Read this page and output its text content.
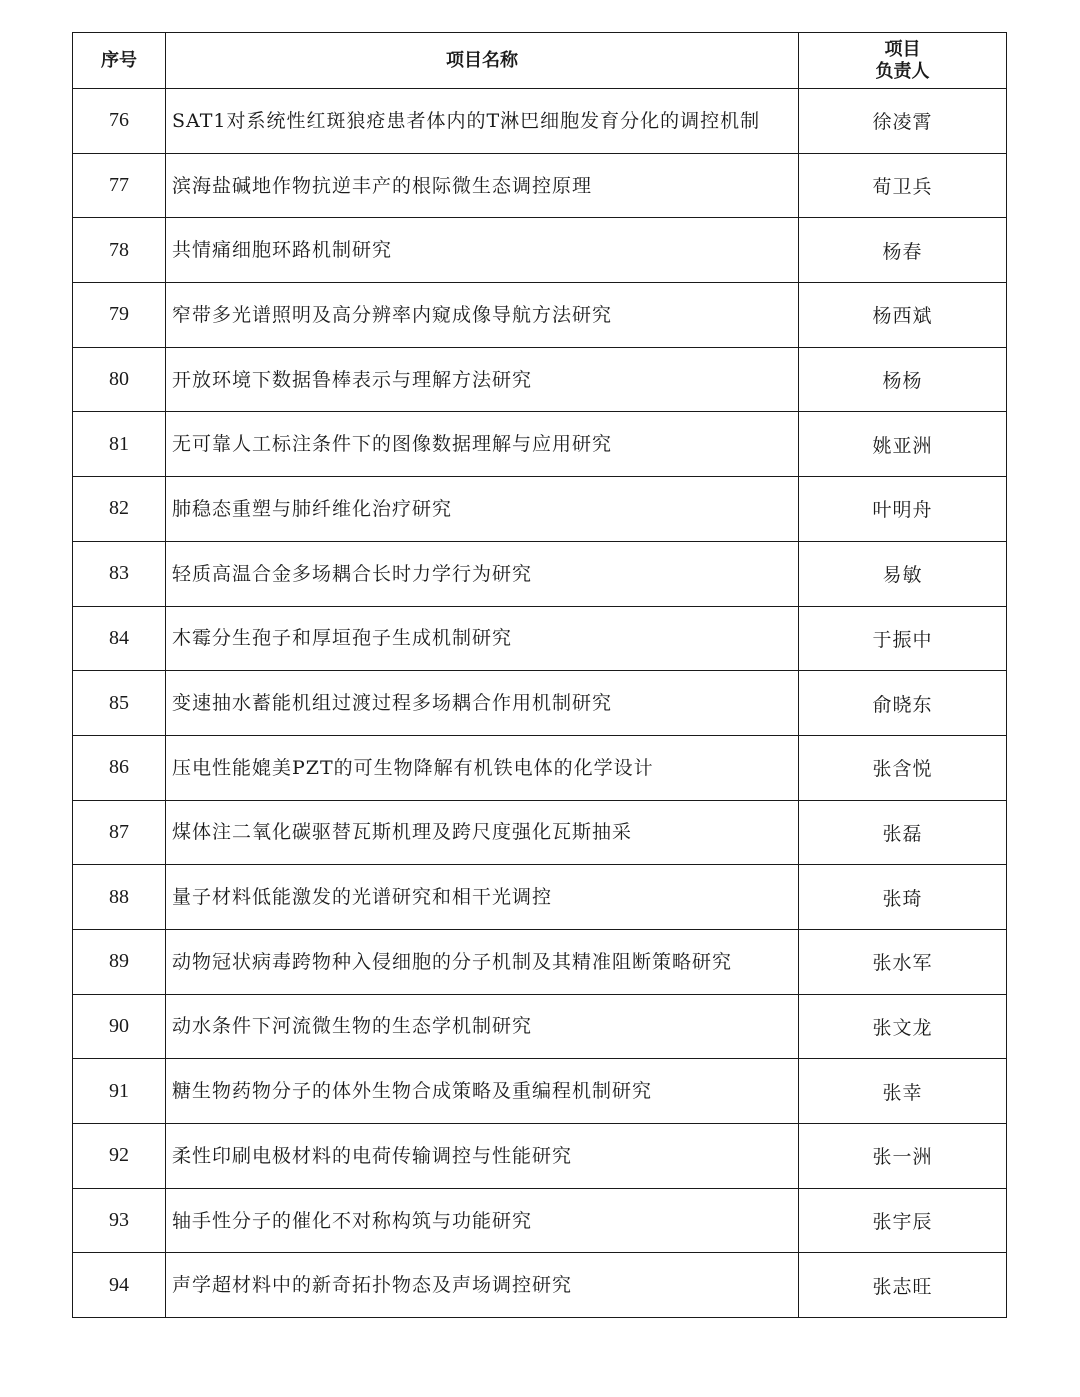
序号	项目名称	项目
负责人

76	SAT1对系统性红斑狼疮患者体内的T淋巴细胞发育分化的调控机制	徐凌霄
77	滨海盐碱地作物抗逆丰产的根际微生态调控原理	荀卫兵
78	共情痛细胞环路机制研究	杨春
79	窄带多光谱照明及高分辨率内窥成像导航方法研究	杨西斌
80	开放环境下数据鲁棒表示与理解方法研究	杨杨
81	无可靠人工标注条件下的图像数据理解与应用研究	姚亚洲
82	肺稳态重塑与肺纤维化治疗研究	叶明舟
83	轻质高温合金多场耦合长时力学行为研究	易敏
84	木霉分生孢子和厚垣孢子生成机制研究	于振中
85	变速抽水蓄能机组过渡过程多场耦合作用机制研究	俞晓东
86	压电性能媲美PZT的可生物降解有机铁电体的化学设计	张含悦
87	煤体注二氧化碳驱替瓦斯机理及跨尺度强化瓦斯抽采	张磊
88	量子材料低能激发的光谱研究和相干光调控	张琦
89	动物冠状病毒跨物种入侵细胞的分子机制及其精准阻断策略研究	张水军
90	动水条件下河流微生物的生态学机制研究	张文龙
91	糖生物药物分子的体外生物合成策略及重编程机制研究	张幸
92	柔性印刷电极材料的电荷传输调控与性能研究	张一洲
93	轴手性分子的催化不对称构筑与功能研究	张宇辰
94	声学超材料中的新奇拓扑物态及声场调控研究	张志旺
